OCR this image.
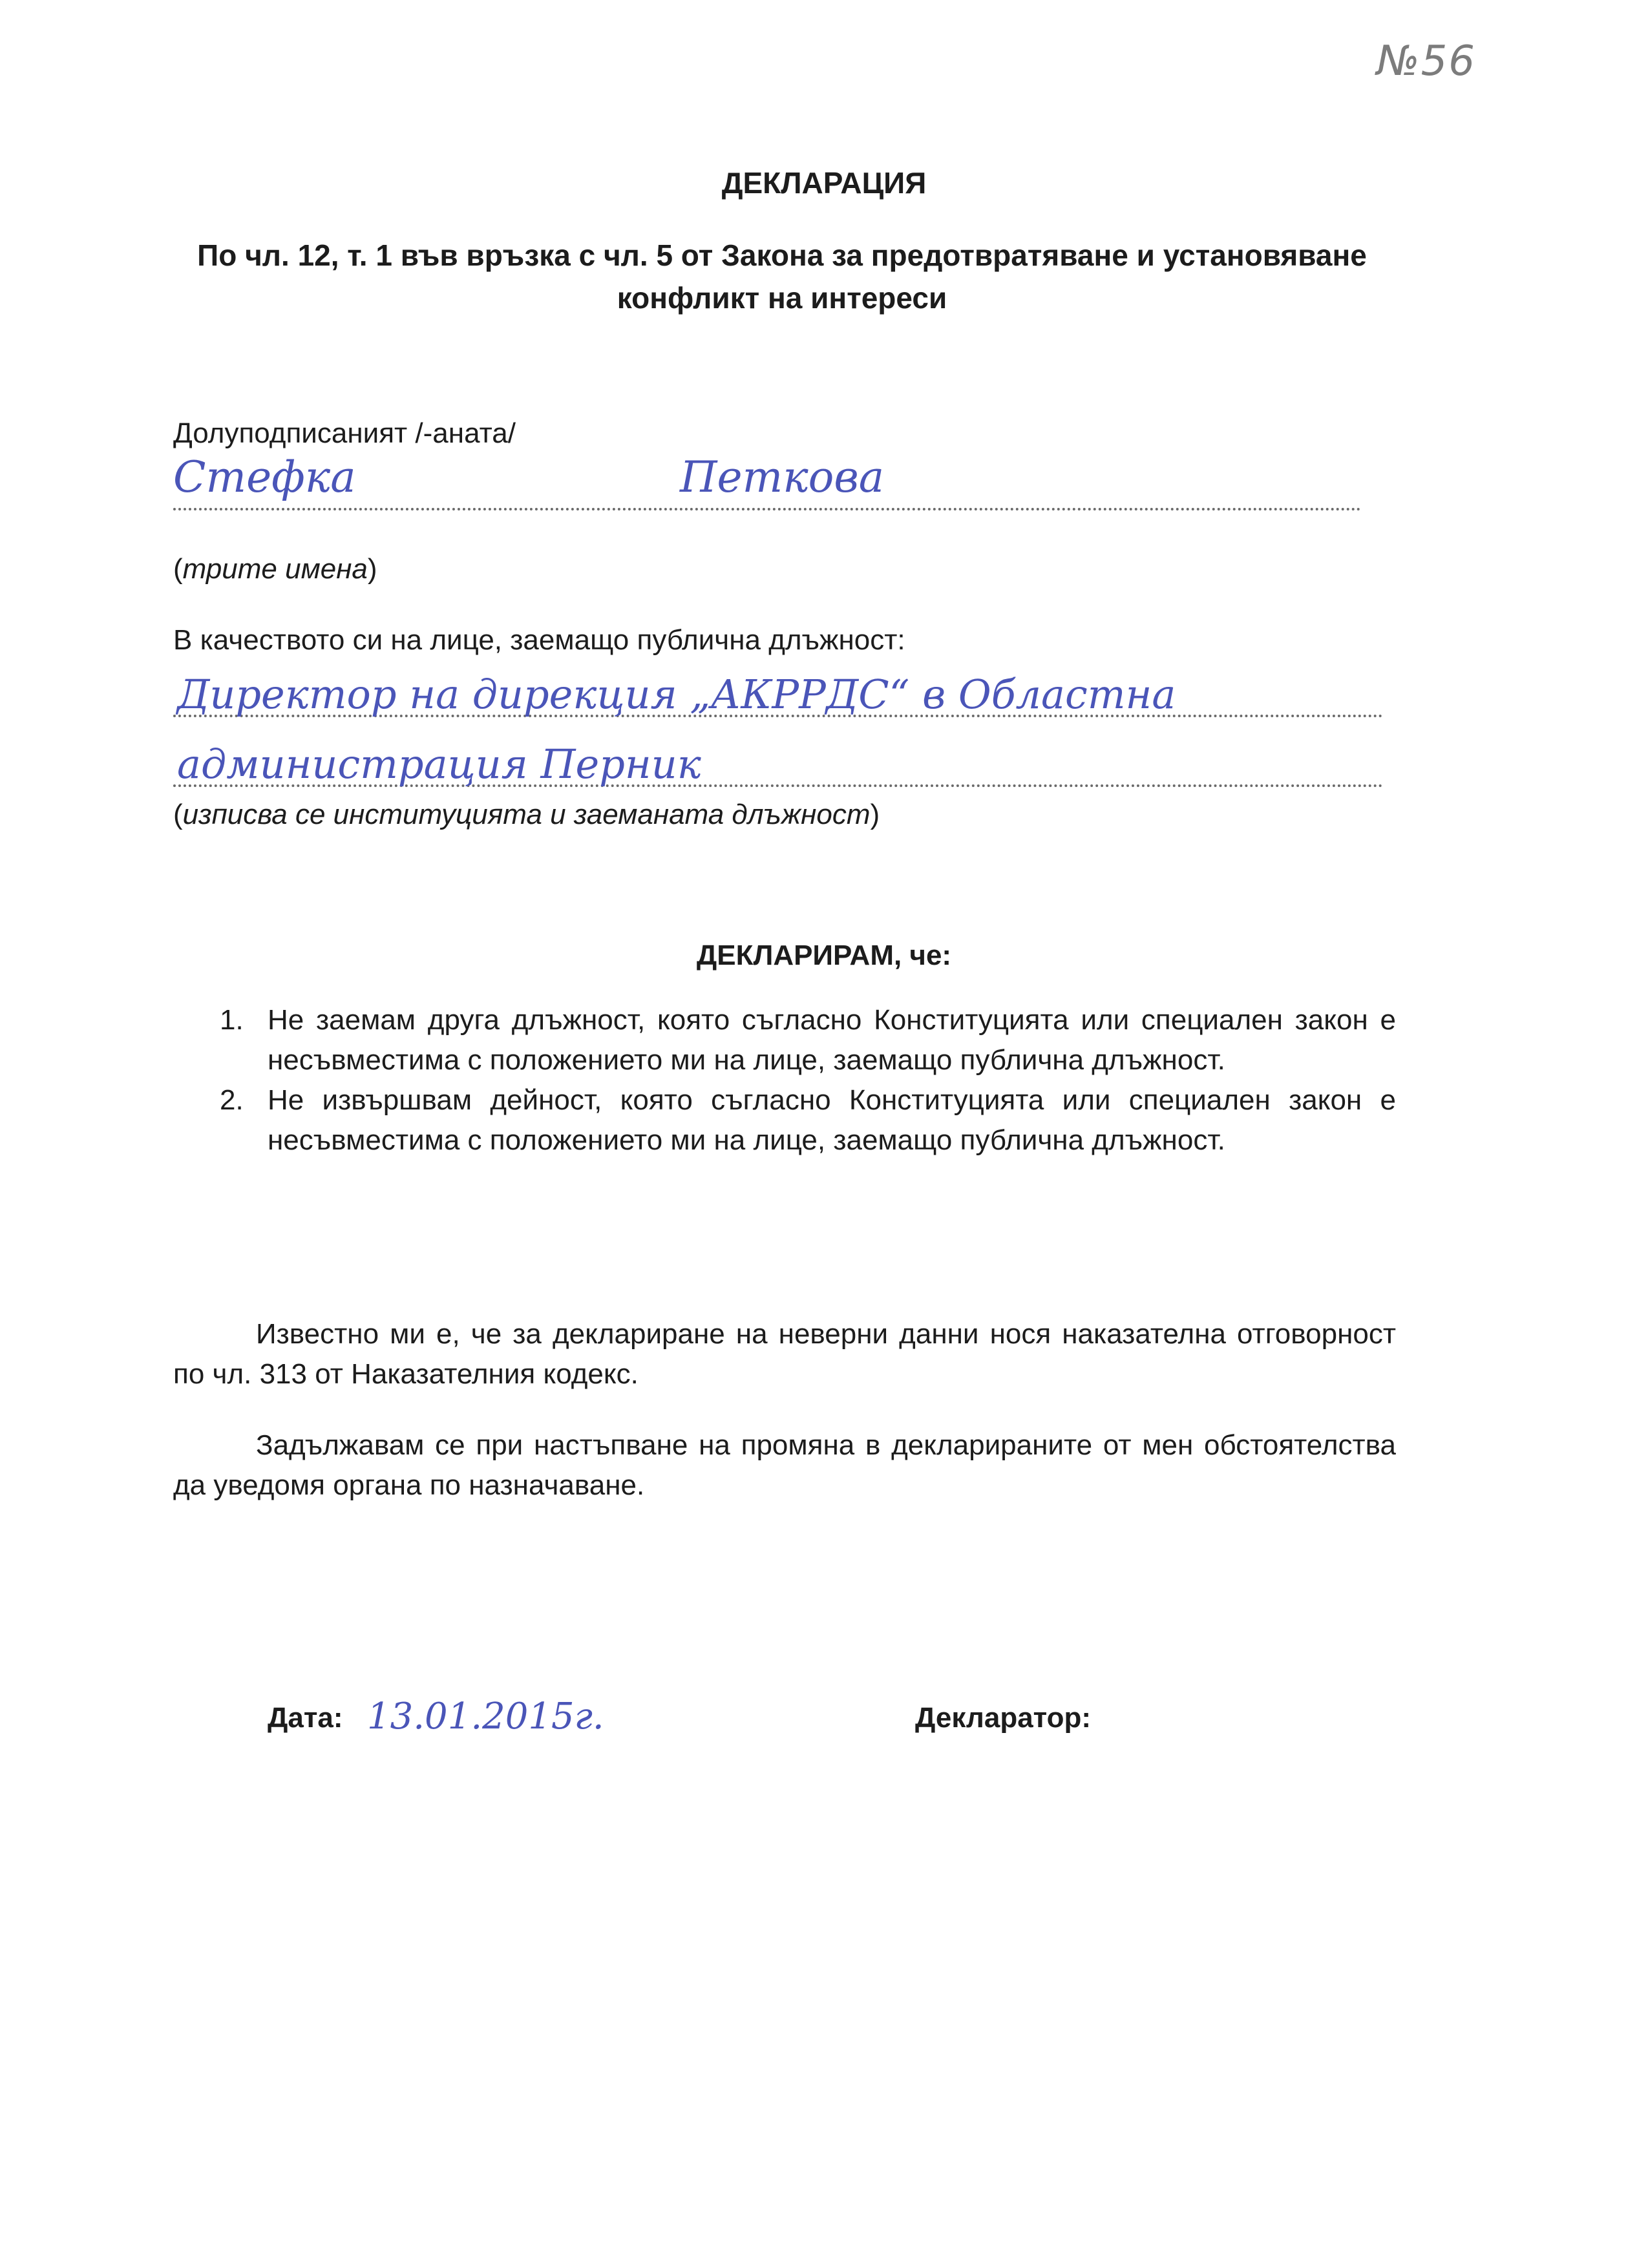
№56
ДЕКЛАРАЦИЯ
По чл. 12, т. 1 във връзка с чл. 5 от Закона за предотвратяване и установяване конфликт на интереси
Долуподписаният /-аната/
Стефка	Петкова
(трите имена)
В качеството си на лице, заемащо публична длъжност:
Директор на дирекция „АКРРДС“ в Областна
администрация Перник
(изписва се институцията и заеманата длъжност)
ДЕКЛАРИРАМ, че:
1. Не заемам друга длъжност, която съгласно Конституцията или специален закон е несъвместима с положението ми на лице, заемащо публична длъжност.
2. Не извършвам дейност, която съгласно Конституцията или специален закон е несъвместима с положението ми на лице, заемащо публична длъжност.
Известно ми е, че за деклариране на неверни данни нося наказателна отговорност по чл. 313 от Наказателния кодекс.
Задължавам се при настъпване на промяна в декларираните от мен обстоятелства да уведомя органа по назначаване.
Дата: 13.01.2015г.	Декларатор:
